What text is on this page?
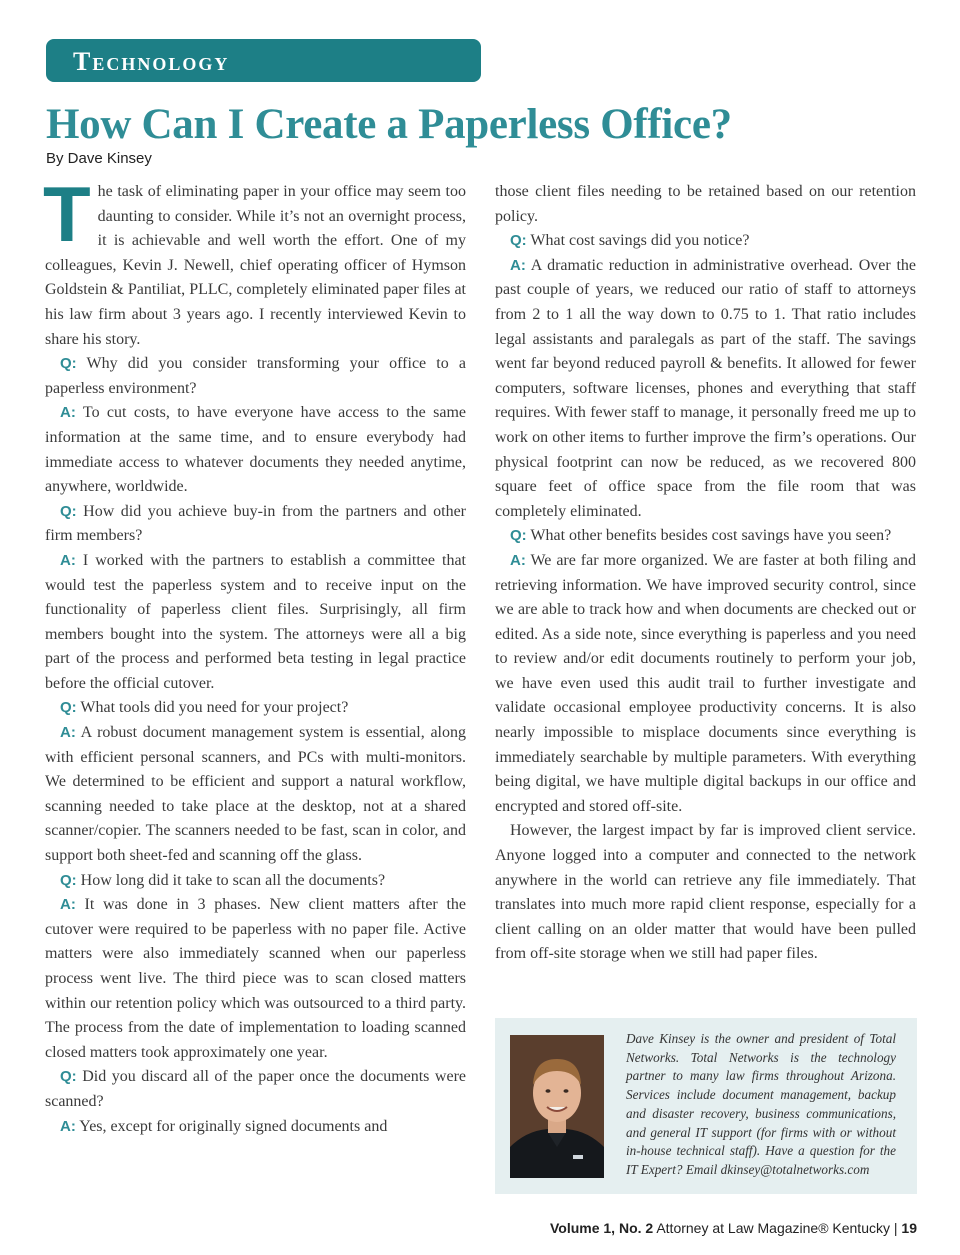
Technology
How Can I Create a Paperless Office?
By Dave Kinsey

The task of eliminating paper in your office may seem too daunting to consider. While it’s not an overnight process, it is achievable and well worth the effort. One of my colleagues, Kevin J. Newell, chief operating officer of Hymson Goldstein & Pantiliat, PLLC, completely eliminated paper files at his law firm about 3 years ago. I recently interviewed Kevin to share his story.

Q: Why did you consider transforming your office to a paperless environment?

A: To cut costs, to have everyone have access to the same information at the same time, and to ensure everybody had immediate access to whatever documents they needed anytime, anywhere, worldwide.

Q: How did you achieve buy-in from the partners and other firm members?

A: I worked with the partners to establish a committee that would test the paperless system and to receive input on the functionality of paperless client files. Surprisingly, all firm members bought into the system. The attorneys were all a big part of the process and performed beta testing in legal practice before the official cutover.

Q: What tools did you need for your project?

A: A robust document management system is essential, along with efficient personal scanners, and PCs with multi-monitors. We determined to be efficient and support a natural workflow, scanning needed to take place at the desktop, not at a shared scanner/copier. The scanners needed to be fast, scan in color, and support both sheet-fed and scanning off the glass.

Q: How long did it take to scan all the documents?

A: It was done in 3 phases. New client matters after the cutover were required to be paperless with no paper file. Active matters were also immediately scanned when our paperless process went live. The third piece was to scan closed matters within our retention policy which was outsourced to a third party. The process from the date of implementation to loading scanned closed matters took approximately one year.

Q: Did you discard all of the paper once the documents were scanned?

A: Yes, except for originally signed documents and

those client files needing to be retained based on our retention policy.

Q: What cost savings did you notice?

A: A dramatic reduction in administrative overhead. Over the past couple of years, we reduced our ratio of staff to attorneys from 2 to 1 all the way down to 0.75 to 1. That ratio includes legal assistants and paralegals as part of the staff. The savings went far beyond reduced payroll & benefits. It allowed for fewer computers, software licenses, phones and everything that staff requires. With fewer staff to manage, it personally freed me up to work on other items to further improve the firm’s operations. Our physical footprint can now be reduced, as we recovered 800 square feet of office space from the file room that was completely eliminated.

Q: What other benefits besides cost savings have you seen?

A: We are far more organized. We are faster at both filing and retrieving information. We have improved security control, since we are able to track how and when documents are checked out or edited. As a side note, since everything is paperless and you need to review and/or edit documents routinely to perform your job, we have even used this audit trail to further investigate and validate occasional employee productivity concerns. It is also nearly impossible to misplace documents since everything is immediately searchable by multiple parameters. With everything being digital, we have multiple digital backups in our office and encrypted and stored off-site.

However, the largest impact by far is improved client service. Anyone logged into a computer and connected to the network anywhere in the world can retrieve any file immediately. That translates into much more rapid client response, especially for a client calling on an older matter that would have been pulled from off-site storage when we still had paper files.

Dave Kinsey is the owner and president of Total Networks. Total Networks is the technology partner to many law firms throughout Arizona. Services include document management, backup and disaster recovery, business communications, and general IT support (for firms with or without in-house technical staff). Have a question for the IT Expert? Email dkinsey@totalnetworks.com
Volume 1, No. 2 Attorney at Law Magazine® Kentucky | 19
